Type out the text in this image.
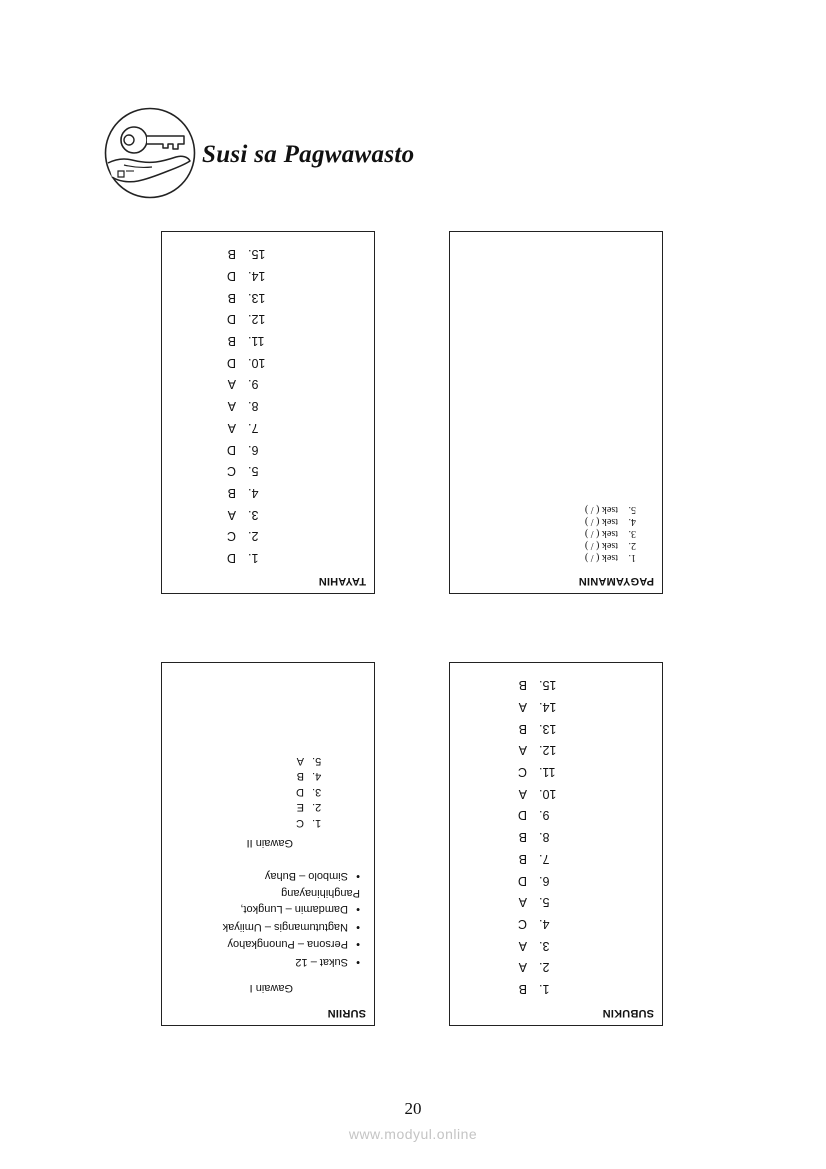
Susi sa Pagwawasto
TAYAHIN
1.D
2.C
3.A
4.B
5.C
6.D
7.A
8.A
9.A
10.D
11.B
12.D
13.B
14.D
15.B
PAGYAMANIN
1.tsek ( / )
2.tsek ( / )
3.tsek ( / )
4.tsek ( / )
5.tsek ( / )
SURIIN
Gawain I
•Sukat – 12
•Persona – Punongkahoy
•Nagtutumangis – Umiiyak
•Damdamin – Lungkot, Panghihinayang
•Simbolo – Buhay
Gawain II
1.C
2.E
3.D
4.B
5.A
SUBUKIN
1.B
2.A
3.A
4.C
5.A
6.D
7.B
8.B
9.D
10.A
11.C
12.A
13.B
14.A
15.B
20
www.modyul.online
